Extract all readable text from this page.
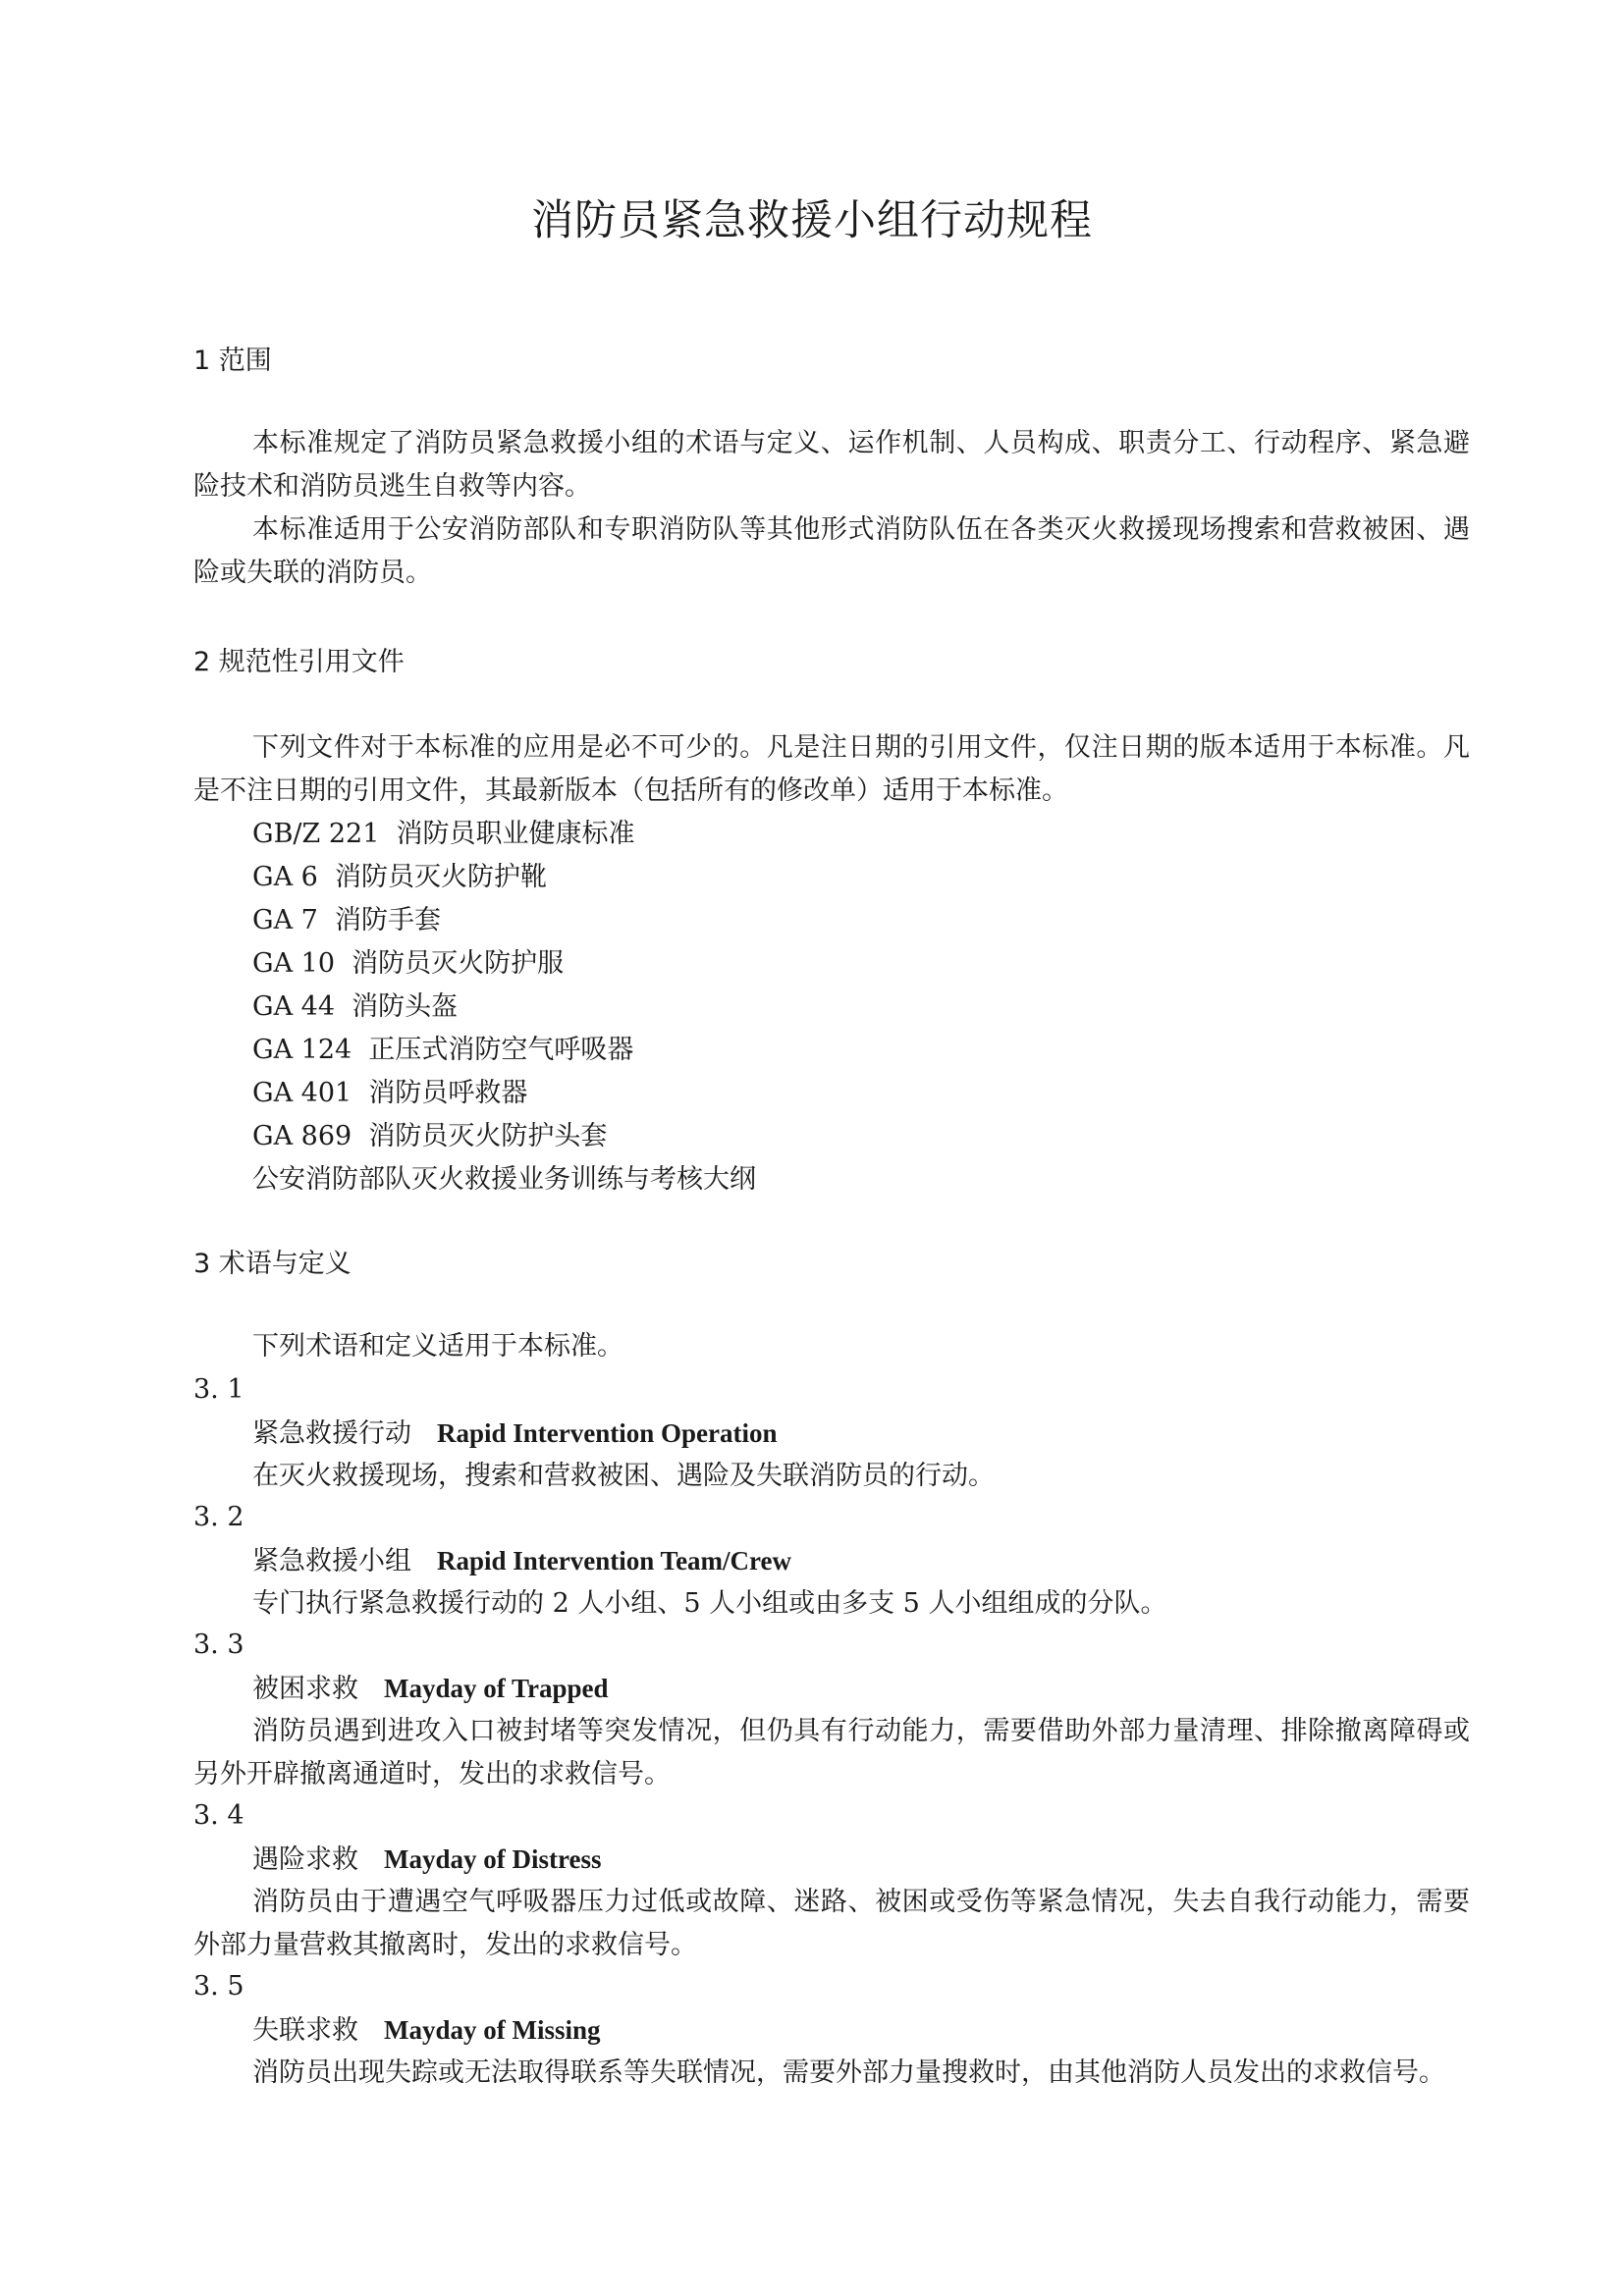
消防员紧急救援小组行动规程
1 范围
本标准规定了消防员紧急救援小组的术语与定义、运作机制、人员构成、职责分工、行动程序、紧急避险技术和消防员逃生自救等内容。
本标准适用于公安消防部队和专职消防队等其他形式消防队伍在各类灭火救援现场搜索和营救被困、遇险或失联的消防员。
2 规范性引用文件
下列文件对于本标准的应用是必不可少的。凡是注日期的引用文件，仅注日期的版本适用于本标准。凡是不注日期的引用文件，其最新版本（包括所有的修改单）适用于本标准。
GB/Z 221  消防员职业健康标准
GA 6  消防员灭火防护靴
GA 7  消防手套
GA 10  消防员灭火防护服
GA 44  消防头盔
GA 124  正压式消防空气呼吸器
GA 401  消防员呼救器
GA 869  消防员灭火防护头套
公安消防部队灭火救援业务训练与考核大纲
3 术语与定义
下列术语和定义适用于本标准。
3. 1
紧急救援行动 Rapid Intervention Operation
在灭火救援现场，搜索和营救被困、遇险及失联消防员的行动。
3. 2
紧急救援小组 Rapid Intervention Team/Crew
专门执行紧急救援行动的 2 人小组、5 人小组或由多支 5 人小组组成的分队。
3. 3
被困求救 Mayday of Trapped
消防员遇到进攻入口被封堵等突发情况，但仍具有行动能力，需要借助外部力量清理、排除撤离障碍或另外开辟撤离通道时，发出的求救信号。
3. 4
遇险求救 Mayday of Distress
消防员由于遭遇空气呼吸器压力过低或故障、迷路、被困或受伤等紧急情况，失去自我行动能力，需要外部力量营救其撤离时，发出的求救信号。
3. 5
失联求救 Mayday of Missing
消防员出现失踪或无法取得联系等失联情况，需要外部力量搜救时，由其他消防人员发出的求救信号。
